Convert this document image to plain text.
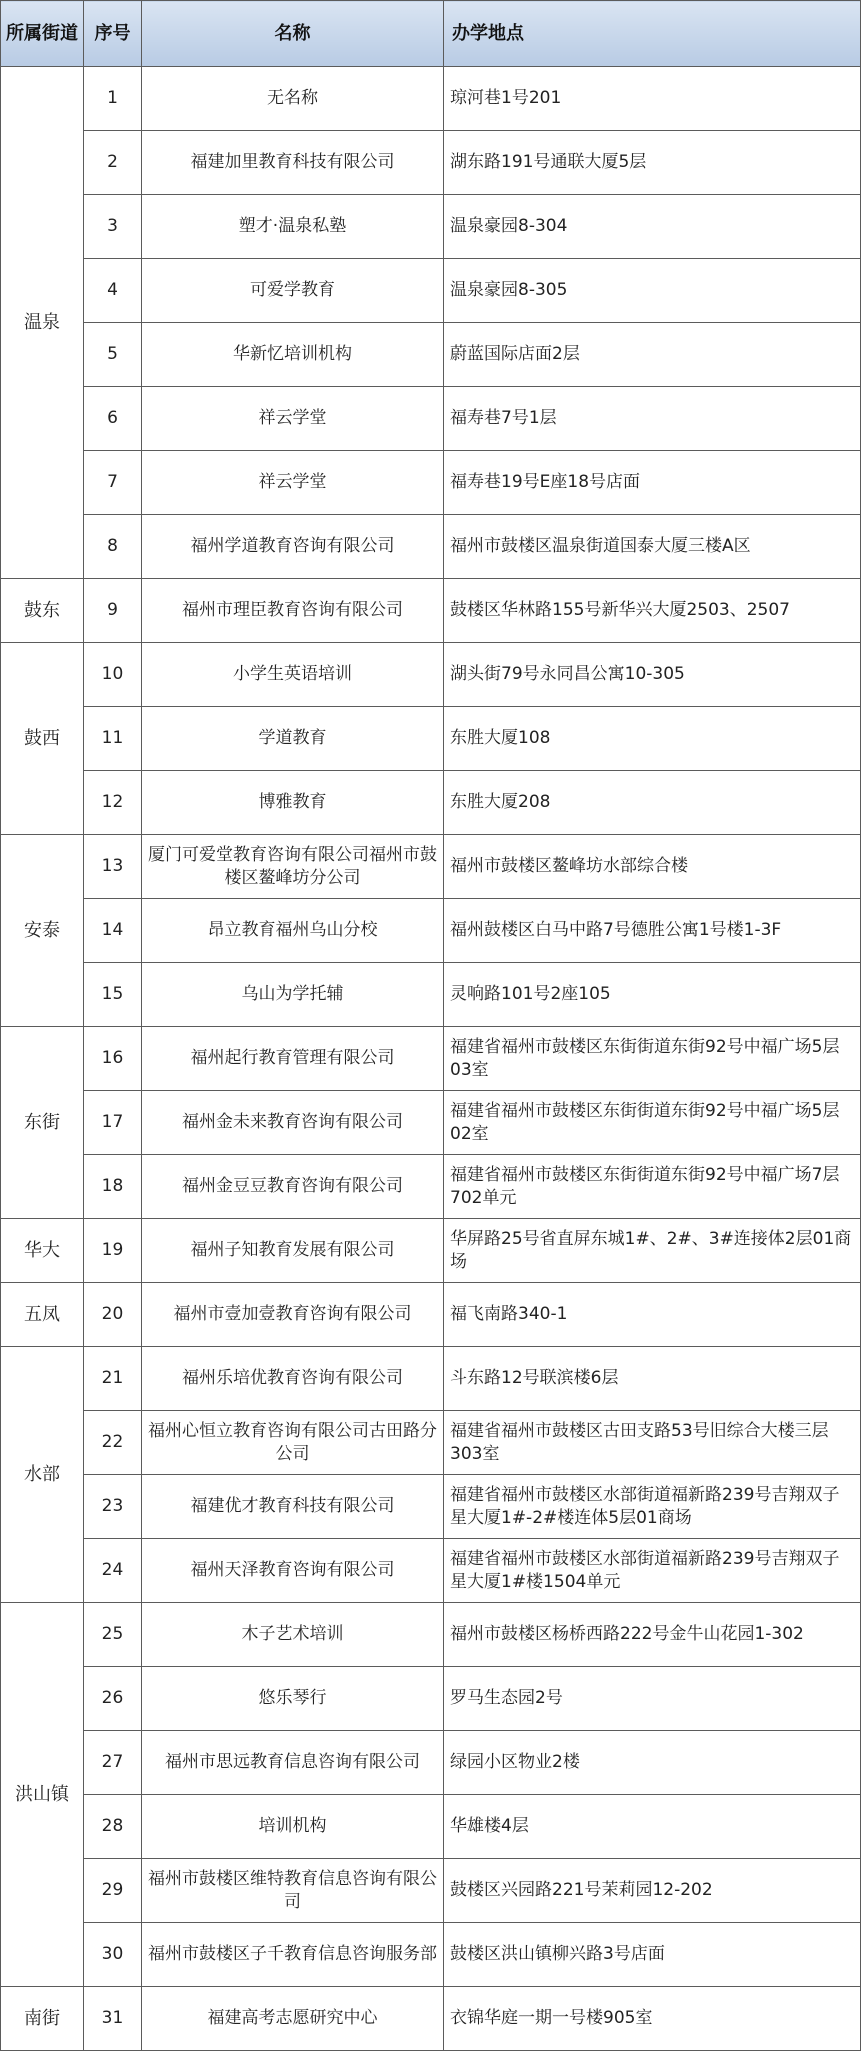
所属街道	序号	名称	办学地点
温泉	1	无名称	琼河巷1号201
	2	福建加里教育科技有限公司	湖东路191号通联大厦5层
	3	塑才·温泉私塾	温泉豪园8-304
	4	可爱学教育	温泉豪园8-305
	5	华新忆培训机构	蔚蓝国际店面2层
	6	祥云学堂	福寿巷7号1层
	7	祥云学堂	福寿巷19号E座18号店面
	8	福州学道教育咨询有限公司	福州市鼓楼区温泉街道国泰大厦三楼A区
鼓东	9	福州市理臣教育咨询有限公司	鼓楼区华林路155号新华兴大厦2503、2507
鼓西	10	小学生英语培训	湖头街79号永同昌公寓10-305
	11	学道教育	东胜大厦108
	12	博雅教育	东胜大厦208
安泰	13	厦门可爱堂教育咨询有限公司福州市鼓楼区鳌峰坊分公司	福州市鼓楼区鳌峰坊水部综合楼
	14	昂立教育福州乌山分校	福州鼓楼区白马中路7号德胜公寓1号楼1-3F
	15	乌山为学托辅	灵响路101号2座105
东街	16	福州起行教育管理有限公司	福建省福州市鼓楼区东街街道东街92号中福广场5层03室
	17	福州金未来教育咨询有限公司	福建省福州市鼓楼区东街街道东街92号中福广场5层02室
	18	福州金豆豆教育咨询有限公司	福建省福州市鼓楼区东街街道东街92号中福广场7层702单元
华大	19	福州子知教育发展有限公司	华屏路25号省直屏东城1#、2#、3#连接体2层01商场
五凤	20	福州市壹加壹教育咨询有限公司	福飞南路340-1
水部	21	福州乐培优教育咨询有限公司	斗东路12号联滨楼6层
	22	福州心恒立教育咨询有限公司古田路分公司	福建省福州市鼓楼区古田支路53号旧综合大楼三层303室
	23	福建优才教育科技有限公司	福建省福州市鼓楼区水部街道福新路239号吉翔双子星大厦1#-2#楼连体5层01商场
	24	福州天泽教育咨询有限公司	福建省福州市鼓楼区水部街道福新路239号吉翔双子星大厦1#楼1504单元
洪山镇	25	木子艺术培训	福州市鼓楼区杨桥西路222号金牛山花园1-302
	26	悠乐琴行	罗马生态园2号
	27	福州市思远教育信息咨询有限公司	绿园小区物业2楼
	28	培训机构	华雄楼4层
	29	福州市鼓楼区维特教育信息咨询有限公司	鼓楼区兴园路221号茉莉园12-202
	30	福州市鼓楼区子千教育信息咨询服务部	鼓楼区洪山镇柳兴路3号店面
南街	31	福建高考志愿研究中心	衣锦华庭一期一号楼905室
